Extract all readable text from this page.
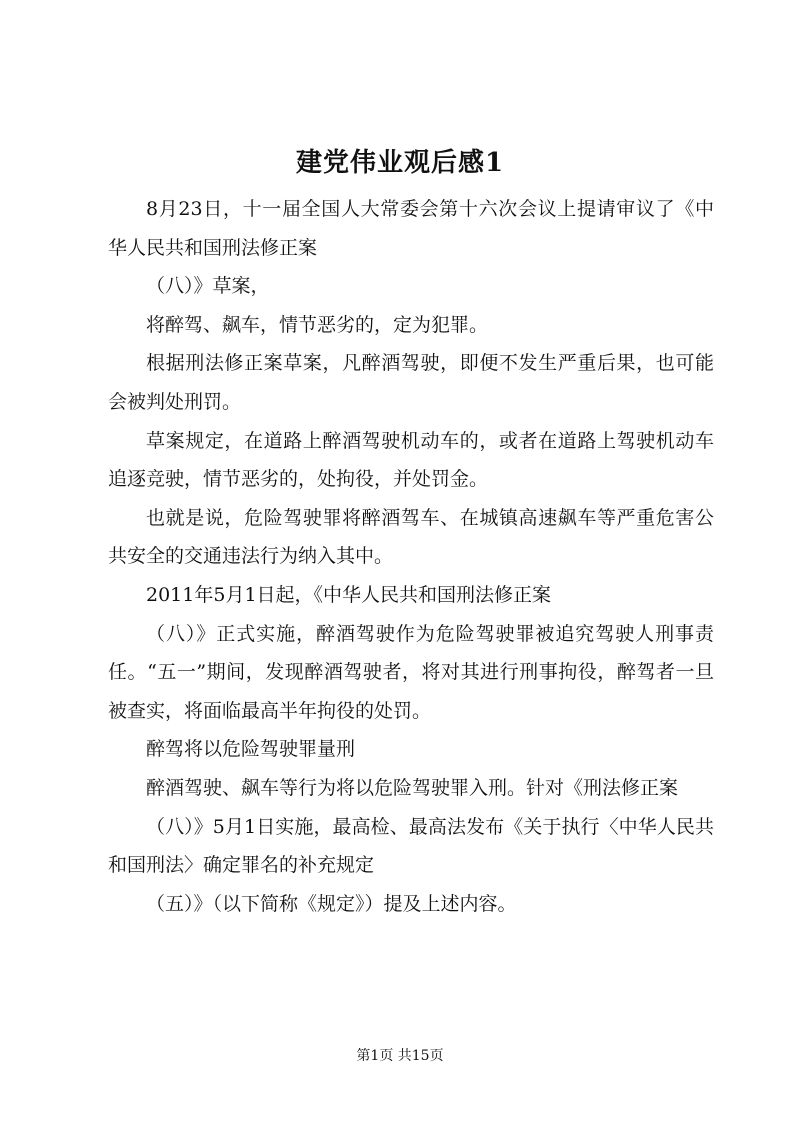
建党伟业观后感1

8月23日，十一届全国人大常委会第十六次会议上提请审议了《中华人民共和国刑法修正案

（八）》草案，

将醉驾、飙车，情节恶劣的，定为犯罪。

根据刑法修正案草案，凡醉酒驾驶，即便不发生严重后果，也可能会被判处刑罚。

草案规定，在道路上醉酒驾驶机动车的，或者在道路上驾驶机动车追逐竞驶，情节恶劣的，处拘役，并处罚金。

也就是说，危险驾驶罪将醉酒驾车、在城镇高速飙车等严重危害公共安全的交通违法行为纳入其中。

2011年5月1日起，《中华人民共和国刑法修正案

（八）》正式实施，醉酒驾驶作为危险驾驶罪被追究驾驶人刑事责任。“五一”期间，发现醉酒驾驶者，将对其进行刑事拘役，醉驾者一旦被查实，将面临最高半年拘役的处罚。

醉驾将以危险驾驶罪量刑

醉酒驾驶、飙车等行为将以危险驾驶罪入刑。针对《刑法修正案

（八）》5月1日实施，最高检、最高法发布《关于执行〈中华人民共和国刑法〉确定罪名的补充规定

（五）》（以下简称《规定》）提及上述内容。

第1页 共15页
